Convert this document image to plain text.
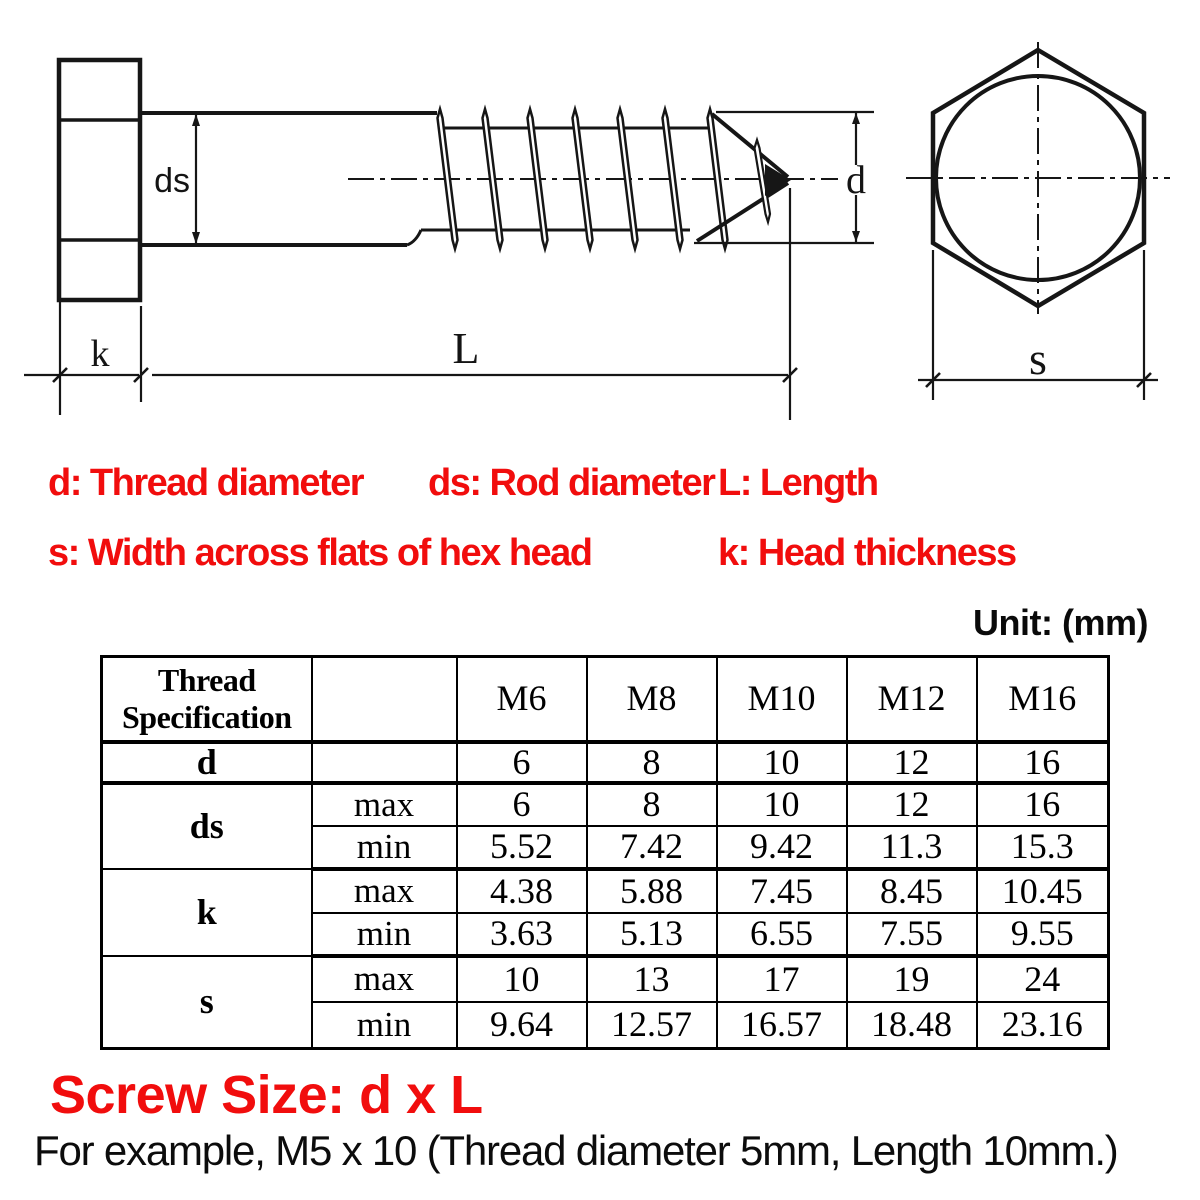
ds	d
k	L	s
d: Thread diameter ds: Rod diameter L: Length
s: Width across flats of hex head	k: Head thickness
Unit: (mm)
Thread
Specification		M6	M8	M10	M12	M16
d		6	8	10	12	16
ds	max	6	8	10	12	16
	min	5.52	7.42	9.42	11.3	15.3
k	max	4.38	5.88	7.45	8.45	10.45
	min	3.63	5.13	6.55	7.55	9.55
s	max	10	13	17	19	24
	min	9.64	12.57	16.57	18.48	23.16
Screw Size: d x L
For example, M5 x 10 (Thread diameter 5mm, Length 10mm.)
